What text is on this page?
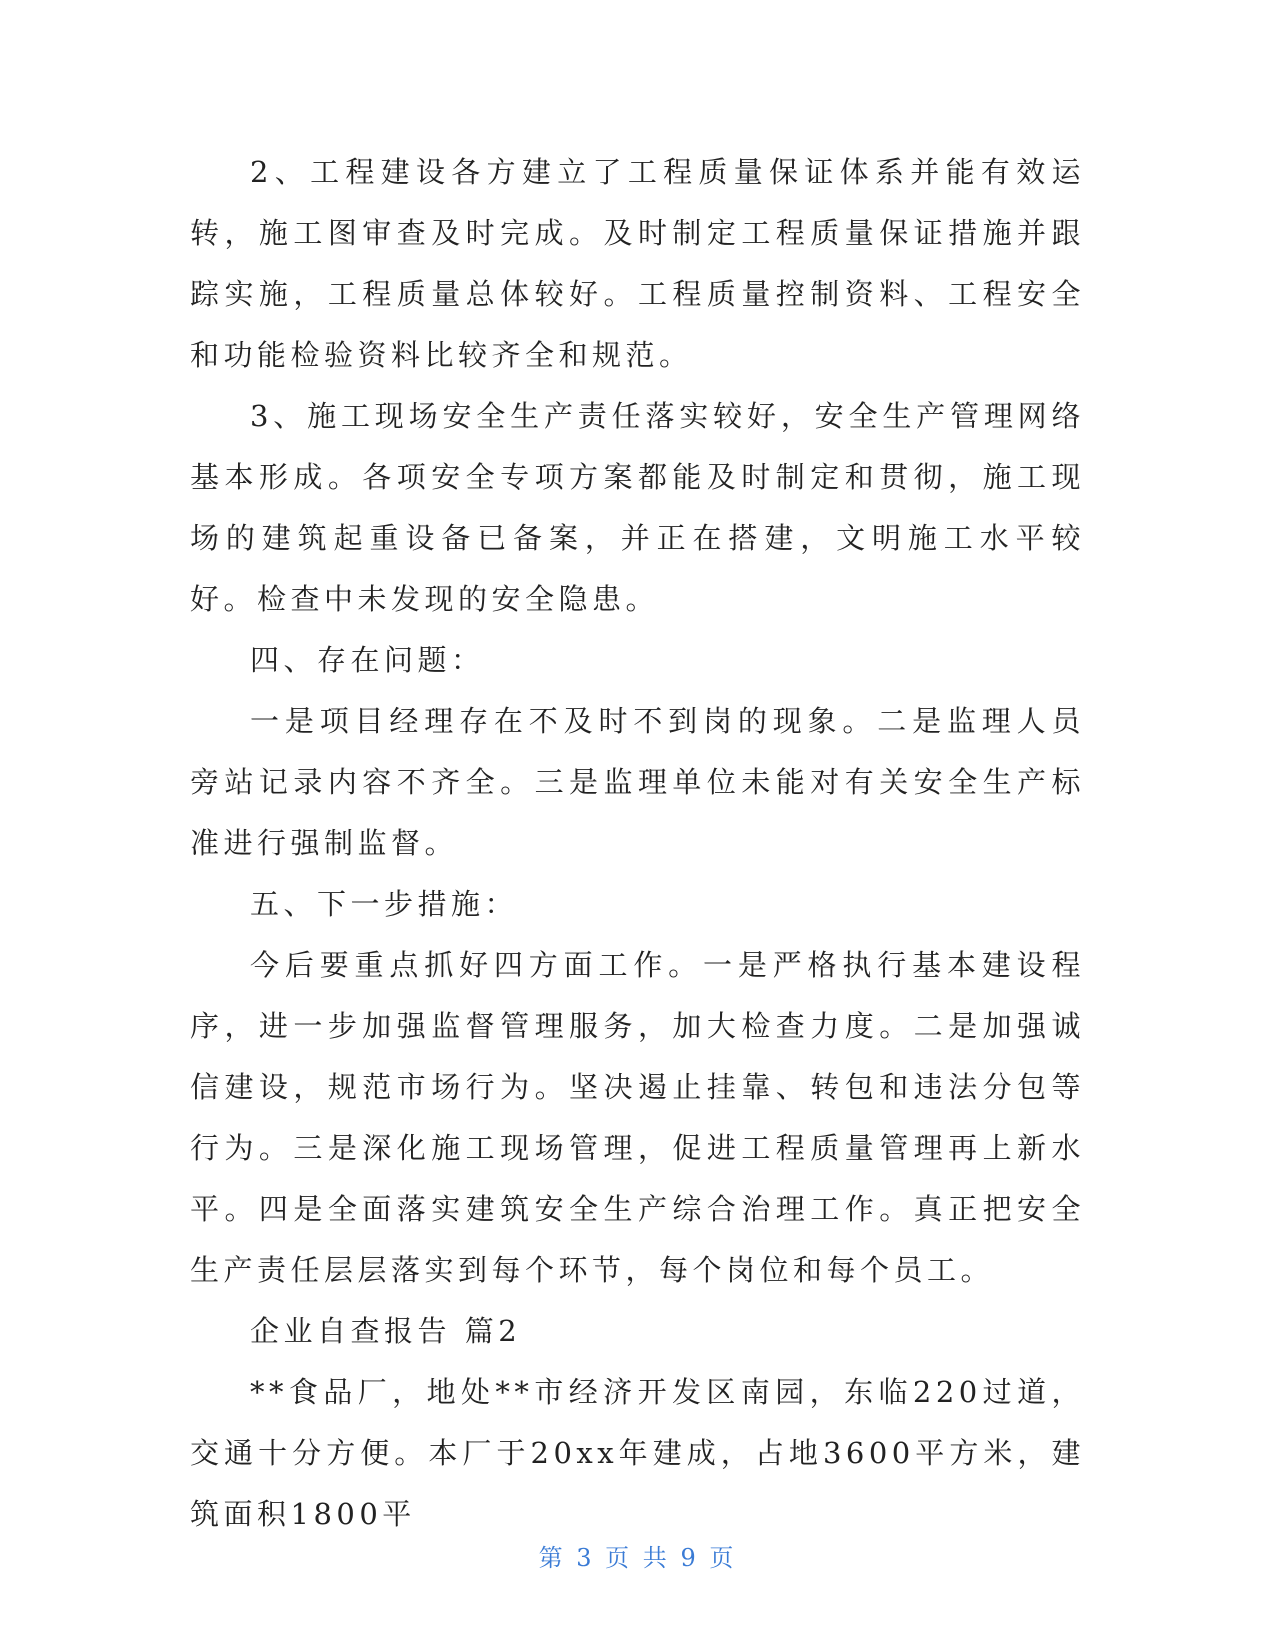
2、工程建设各方建立了工程质量保证体系并能有效运转，施工图审查及时完成。及时制定工程质量保证措施并跟踪实施，工程质量总体较好。工程质量控制资料、工程安全和功能检验资料比较齐全和规范。

3、施工现场安全生产责任落实较好，安全生产管理网络基本形成。各项安全专项方案都能及时制定和贯彻，施工现场的建筑起重设备已备案，并正在搭建，文明施工水平较好。检查中未发现的安全隐患。

四、存在问题：

一是项目经理存在不及时不到岗的现象。二是监理人员旁站记录内容不齐全。三是监理单位未能对有关安全生产标准进行强制监督。

五、下一步措施：

今后要重点抓好四方面工作。一是严格执行基本建设程序，进一步加强监督管理服务，加大检查力度。二是加强诚信建设，规范市场行为。坚决遏止挂靠、转包和违法分包等行为。三是深化施工现场管理，促进工程质量管理再上新水平。四是全面落实建筑安全生产综合治理工作。真正把安全生产责任层层落实到每个环节，每个岗位和每个员工。

企业自查报告 篇2

**食品厂，地处**市经济开发区南园，东临220过道，交通十分方便。本厂于20xx年建成，占地3600平方米，建筑面积1800平

第 3 页 共 9 页
